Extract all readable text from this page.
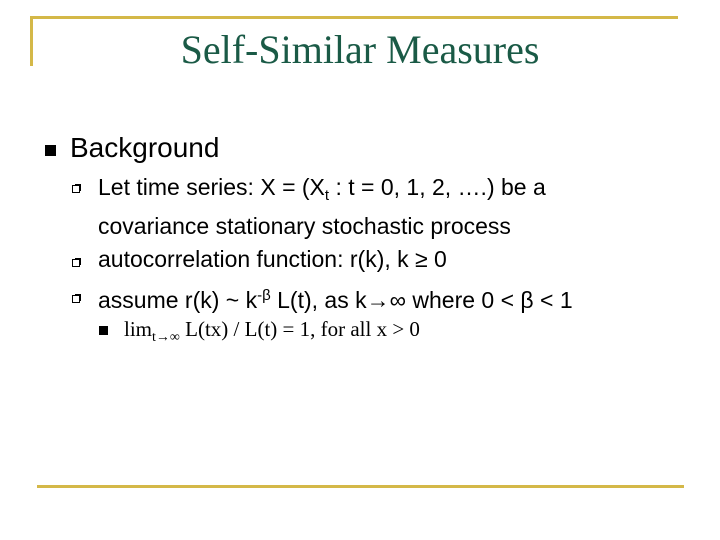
Self-Similar Measures
Background
Let time series: $X = (X_t$ : t = 0, 1, 2, ….) be a
covariance stationary stochastic process
autocorrelation function: r(k), k ≥ 0
assume r(k) ~ $k^{-\beta}$ L(t), as k→∞ where 0 < β < 1
$\lim_{t\to\infty} L(tx) / L(t) = 1$, for all x > 0
